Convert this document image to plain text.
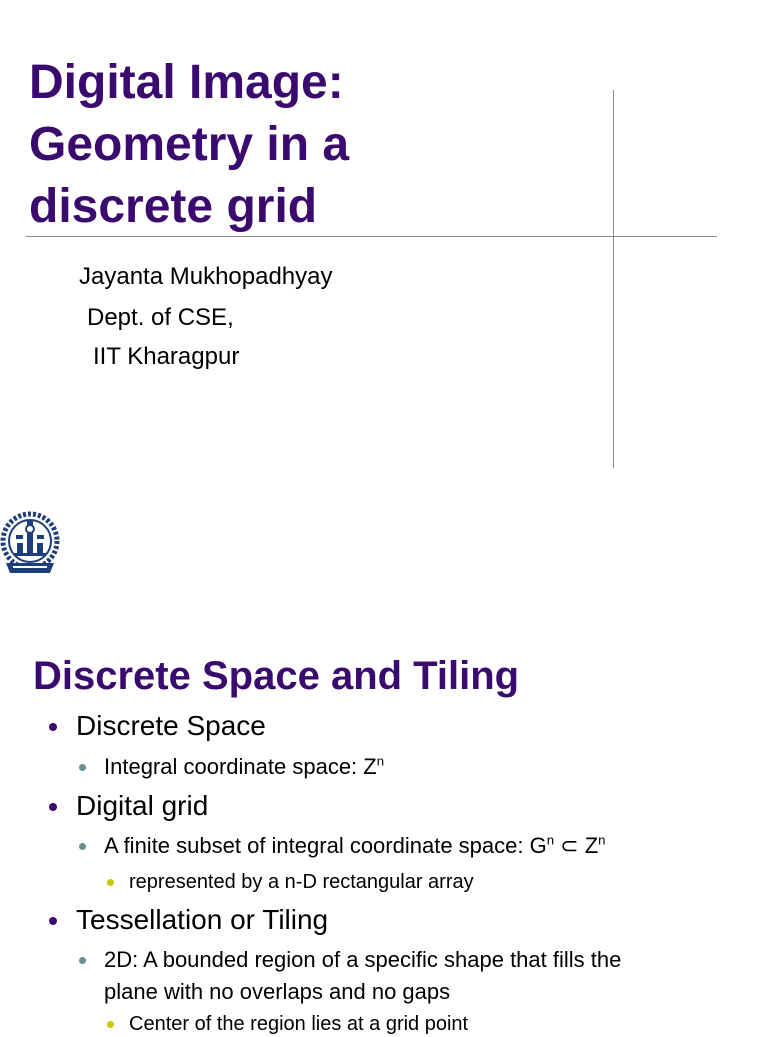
Digital Image:
Geometry in a
discrete grid
Jayanta Mukhopadhyay
Dept. of CSE,
IIT Kharagpur
Discrete Space and Tiling
Discrete Space
Integral coordinate space: $Z^n$
Digital grid
A finite subset of integral coordinate space: $G^n$ ⊂ $Z^n$
represented by a n-D rectangular array
Tessellation or Tiling
2D: A bounded region of a specific shape that fills the
plane with no overlaps and no gaps
Center of the region lies at a grid point
